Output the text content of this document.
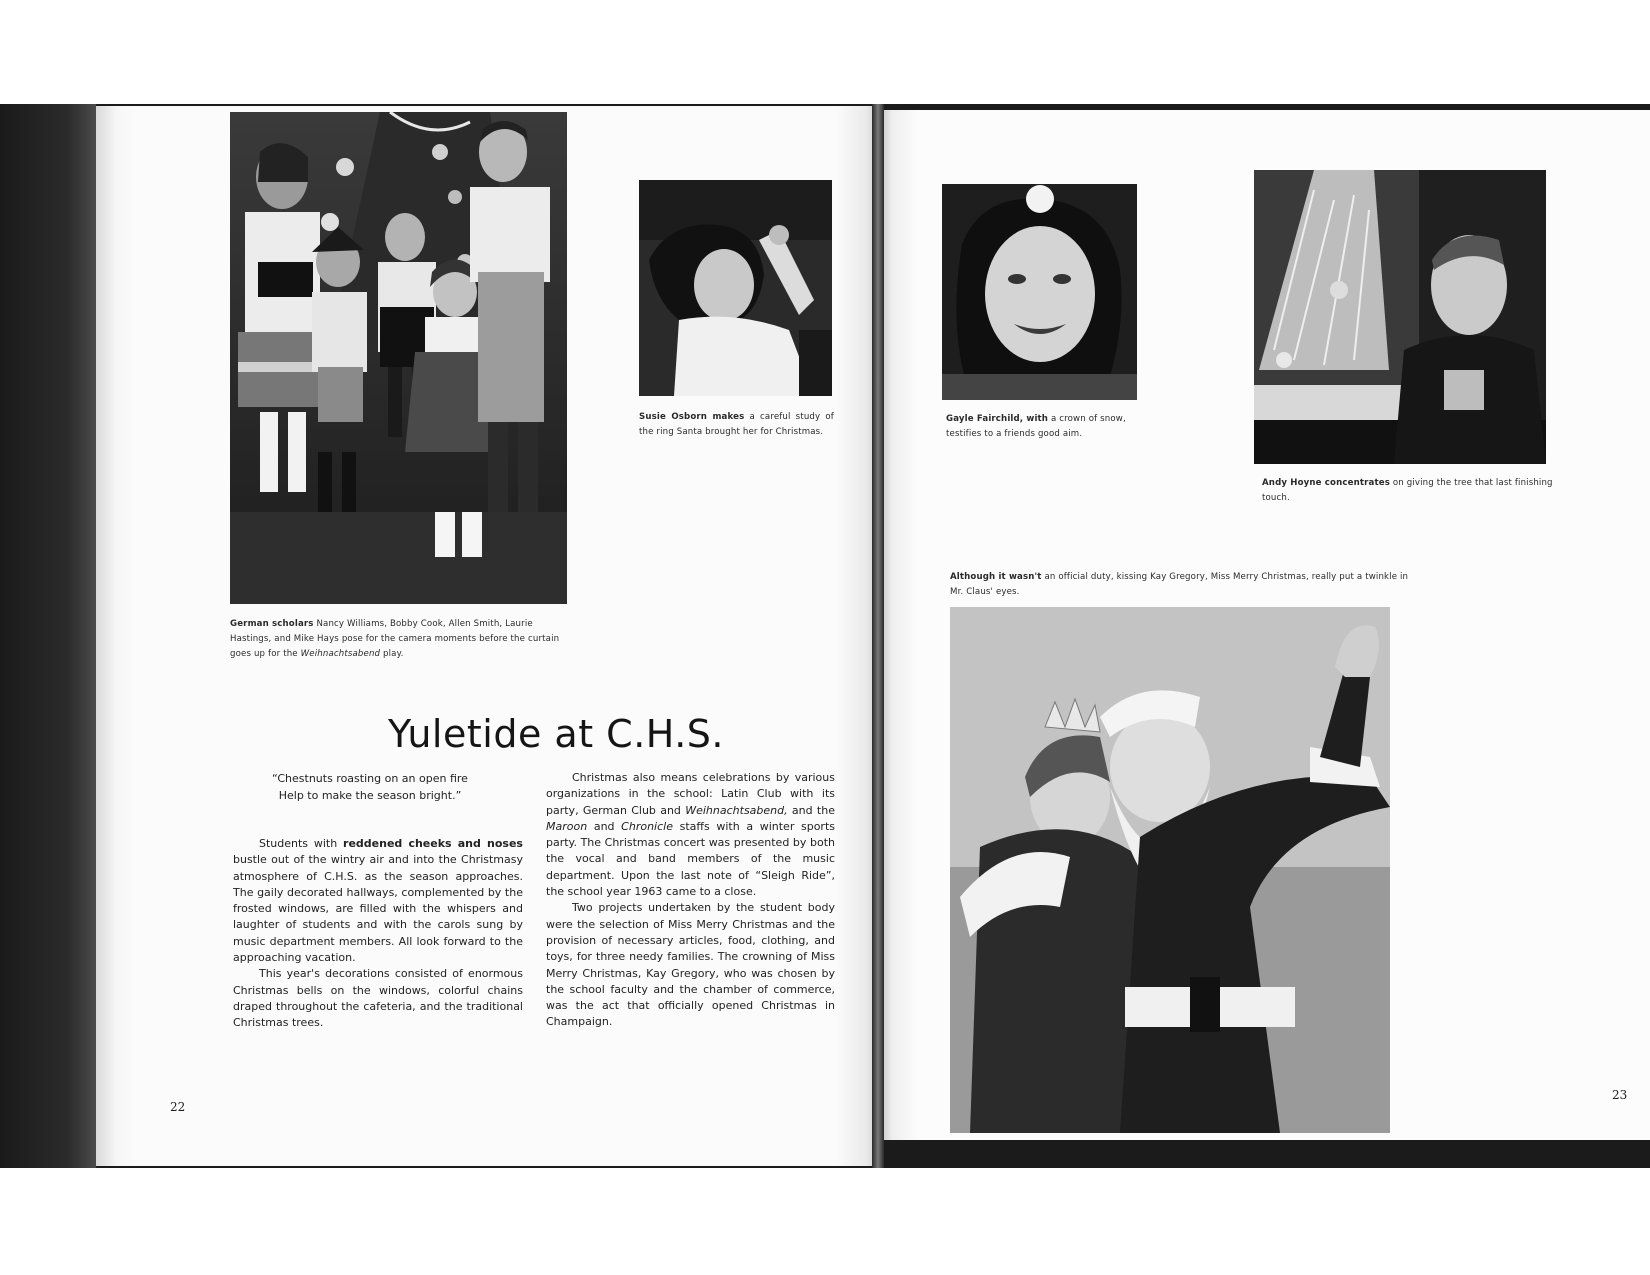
German scholars Nancy Williams, Bobby Cook, Allen Smith, Laurie Hastings, and Mike Hays pose for the camera moments before the curtain goes up for the Weihnachtsabend play.
Susie Osborn makes a careful study of the ring Santa brought her for Christmas.
Yuletide at C.H.S.
“Chestnuts roasting on an open fire
Help to make the season bright.”

Students with reddened cheeks and noses bustle out of the wintry air and into the Christmasy atmosphere of C.H.S. as the season approaches. The gaily decorated hallways, complemented by the frosted windows, are filled with the whispers and laughter of students and with the carols sung by music department members. All look forward to the approaching vacation.

This year's decorations consisted of enormous Christmas bells on the windows, colorful chains draped throughout the cafeteria, and the traditional Christmas trees.

Christmas also means celebrations by various organizations in the school: Latin Club with its party, German Club and Weihnachtsabend, and the Maroon and Chronicle staffs with a winter sports party. The Christmas concert was presented by both the vocal and band members of the music department. Upon the last note of “Sleigh Ride”, the school year 1963 came to a close.

Two projects undertaken by the student body were the selection of Miss Merry Christmas and the provision of necessary articles, food, clothing, and toys, for three needy families. The crowning of Miss Merry Christmas, Kay Gregory, who was chosen by the school faculty and the chamber of commerce, was the act that officially opened Christmas in Champaign.

22
Gayle Fairchild, with a crown of snow, testifies to a friends good aim.
Andy Hoyne concentrates on giving the tree that last finishing touch.
Although it wasn't an official duty, kissing Kay Gregory, Miss Merry Christmas, really put a twinkle in Mr. Claus' eyes.
23
